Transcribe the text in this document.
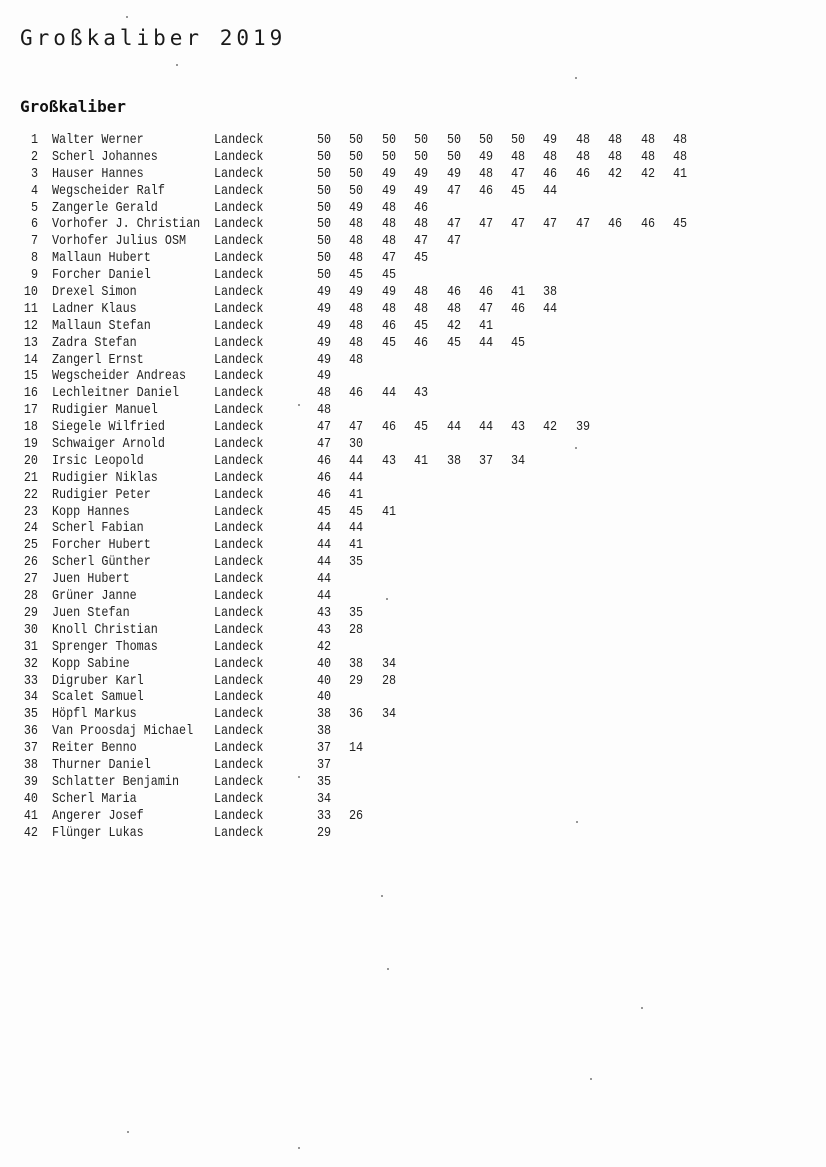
Großkaliber 2019
Großkaliber
1 Walter Werner	Landeck	50 50 50 50 50 50 50 49 48 48 48 48
2 Scherl Johannes	Landeck	50 50 50 50 50 49 48 48 48 48 48 48
3 Hauser Hannes	Landeck	50 50 49 49 49 48 47 46 46 42 42 41
4 Wegscheider Ralf	Landeck	50 50 49 49 47 46 45 44
5 Zangerle Gerald	Landeck	50 49 48 46
6 Vorhofer J. Christian Landeck	50 48 48 48 47 47 47 47 47 46 46 45
7 Vorhofer Julius OSM Landeck	50 48 48 47 47
8 Mallaun Hubert	Landeck	50 48 47 45
9 Forcher Daniel	Landeck	50 45 45
10 Drexel Simon	Landeck	49 49 49 48 46 46 41 38
11 Ladner Klaus	Landeck	49 48 48 48 48 47 46 44
12 Mallaun Stefan	Landeck	49 48 46 45 42 41
13 Zadra Stefan	Landeck	49 48 45 46 45 44 45
14 Zangerl Ernst	Landeck	49 48
15 Wegscheider Andreas Landeck	49
16 Lechleitner Daniel Landeck	48 46 44 43
17 Rudigier Manuel	Landeck	48
18 Siegele Wilfried	Landeck	47 47 46 45 44 44 43 42 39
19 Schwaiger Arnold	Landeck	47 30
20 Irsic Leopold	Landeck	46 44 43 41 38 37 34
21 Rudigier Niklas	Landeck	46 44
22 Rudigier Peter	Landeck	46 41
23 Kopp Hannes	Landeck	45 45 41
24 Scherl Fabian	Landeck	44 44
25 Forcher Hubert	Landeck	44 41
26 Scherl Günther	Landeck	44 35
27 Juen Hubert	Landeck	44
28 Grüner Janne	Landeck	44
29 Juen Stefan	Landeck	43 35
30 Knoll Christian	Landeck	43 28
31 Sprenger Thomas	Landeck	42
32 Kopp Sabine	Landeck	40 38 34
33 Digruber Karl	Landeck	40 29 28
34 Scalet Samuel	Landeck	40
35 Höpfl Markus	Landeck	38 36 34
36 Van Proosdaj Michael Landeck	38
37 Reiter Benno	Landeck	37 14
38 Thurner Daniel	Landeck	37
39 Schlatter Benjamin Landeck	35
40 Scherl Maria	Landeck	34
41 Angerer Josef	Landeck	33 26
42 Flünger Lukas	Landeck	29
